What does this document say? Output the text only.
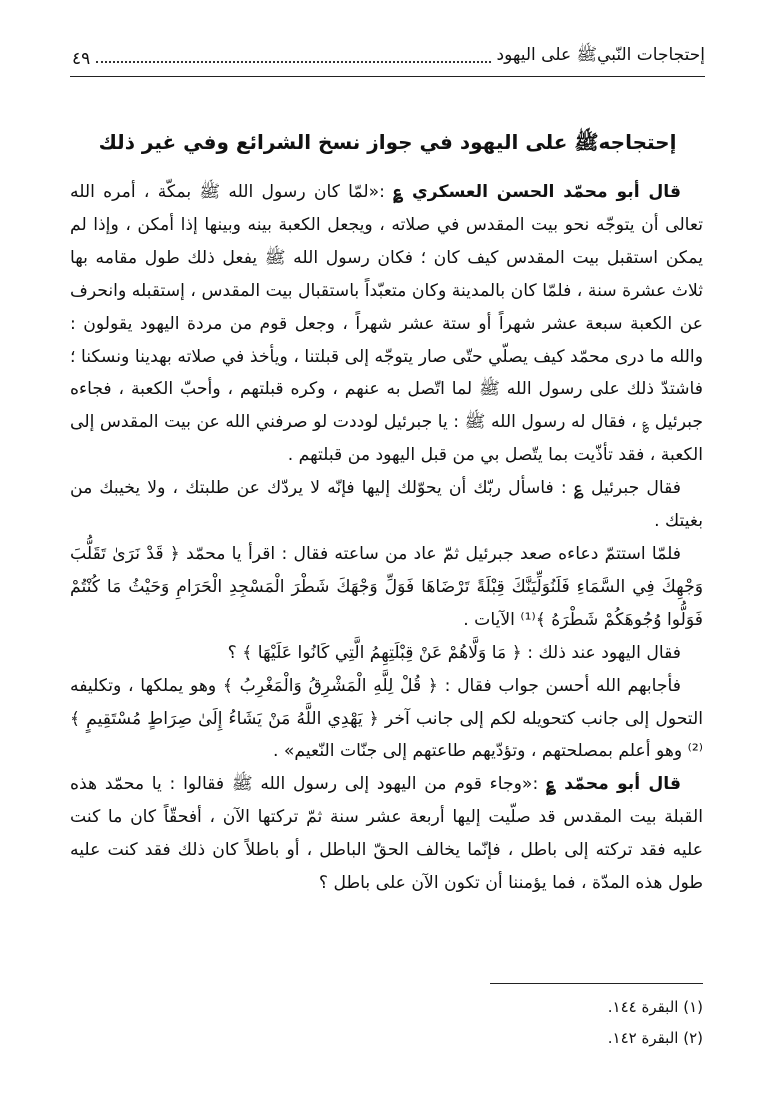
إحتجاجات النّبيﷺ على اليهود
٤٩
إحتجاجهﷺ على اليهود في جواز نسخ الشرائع وفي غير ذلك

قال أبو محمّد الحسن العسكري ؏ :«لمّا كان رسول الله ﷺ بمكّة ، أمره الله تعالى أن يتوجّه نحو بيت المقدس في صلاته ، ويجعل الكعبة بينه وبينها إذا أمكن ، وإذا لم يمكن استقبل بيت المقدس كيف كان ؛ فكان رسول الله ﷺ يفعل ذلك طول مقامه بها ثلاث عشرة سنة ، فلمّا كان بالمدينة وكان متعبّداً باستقبال بيت المقدس ، إستقبله وانحرف عن الكعبة سبعة عشر شهراً أو ستة عشر شهراً ، وجعل قوم من مردة اليهود يقولون : والله ما درى محمّد كيف يصلّي حتّى صار يتوجّه إلى قبلتنا ، ويأخذ في صلاته بهدينا ونسكنا ؛ فاشتدّ ذلك على رسول الله ﷺ لما اتّصل به عنهم ، وكره قبلتهم ، وأحبّ الكعبة ، فجاءه جبرئيل ؏ ، فقال له رسول الله ﷺ : يا جبرئيل لوددت لو صرفني الله عن بيت المقدس إلى الكعبة ، فقد تأذّيت بما يتّصل بي من قبل اليهود من قبلتهم .

فقال جبرئيل ؏ : فاسأل ربّك أن يحوّلك إليها فإنّه لا يردّك عن طلبتك ، ولا يخيبك من بغيتك .

فلمّا استتمّ دعاءه صعد جبرئيل ثمّ عاد من ساعته فقال : اقرأ يا محمّد ﴿ قَدْ نَرَىٰ تَقَلُّبَ وَجْهِكَ فِي السَّمَاءِ فَلَنُوَلِّيَنَّكَ قِبْلَةً تَرْضَاهَا فَوَلِّ وَجْهَكَ شَطْرَ الْمَسْجِدِ الْحَرَامِ وَحَيْثُ مَا كُنْتُمْ فَوَلُّوا وُجُوهَكُمْ شَطْرَهُ ﴾⁽¹⁾ الآيات .

فقال اليهود عند ذلك : ﴿ مَا وَلَّاهُمْ عَنْ قِبْلَتِهِمُ الَّتِي كَانُوا عَلَيْهَا ﴾ ؟

فأجابهم الله أحسن جواب فقال : ﴿ قُلْ لِلَّهِ الْمَشْرِقُ وَالْمَغْرِبُ ﴾ وهو يملكها ، وتكليفه التحول إلى جانب كتحويله لكم إلى جانب آخر ﴿ يَهْدِي اللَّهُ مَنْ يَشَاءُ إِلَىٰ صِرَاطٍ مُسْتَقِيمٍ ﴾⁽²⁾ وهو أعلم بمصلحتهم ، وتؤدّيهم طاعتهم إلى جنّات النّعيم» .

قال أبو محمّد ؏ :«وجاء قوم من اليهود إلى رسول الله ﷺ فقالوا : يا محمّد هذه القبلة بيت المقدس قد صلّيت إليها أربعة عشر سنة ثمّ تركتها الآن ، أفحقّاً كان ما كنت عليه فقد تركته إلى باطل ، فإنّما يخالف الحقّ الباطل ، أو باطلاً كان ذلك فقد كنت عليه طول هذه المدّة ، فما يؤمننا أن تكون الآن على باطل ؟

(١) البقرة ١٤٤.
(٢) البقرة ١٤٢.
